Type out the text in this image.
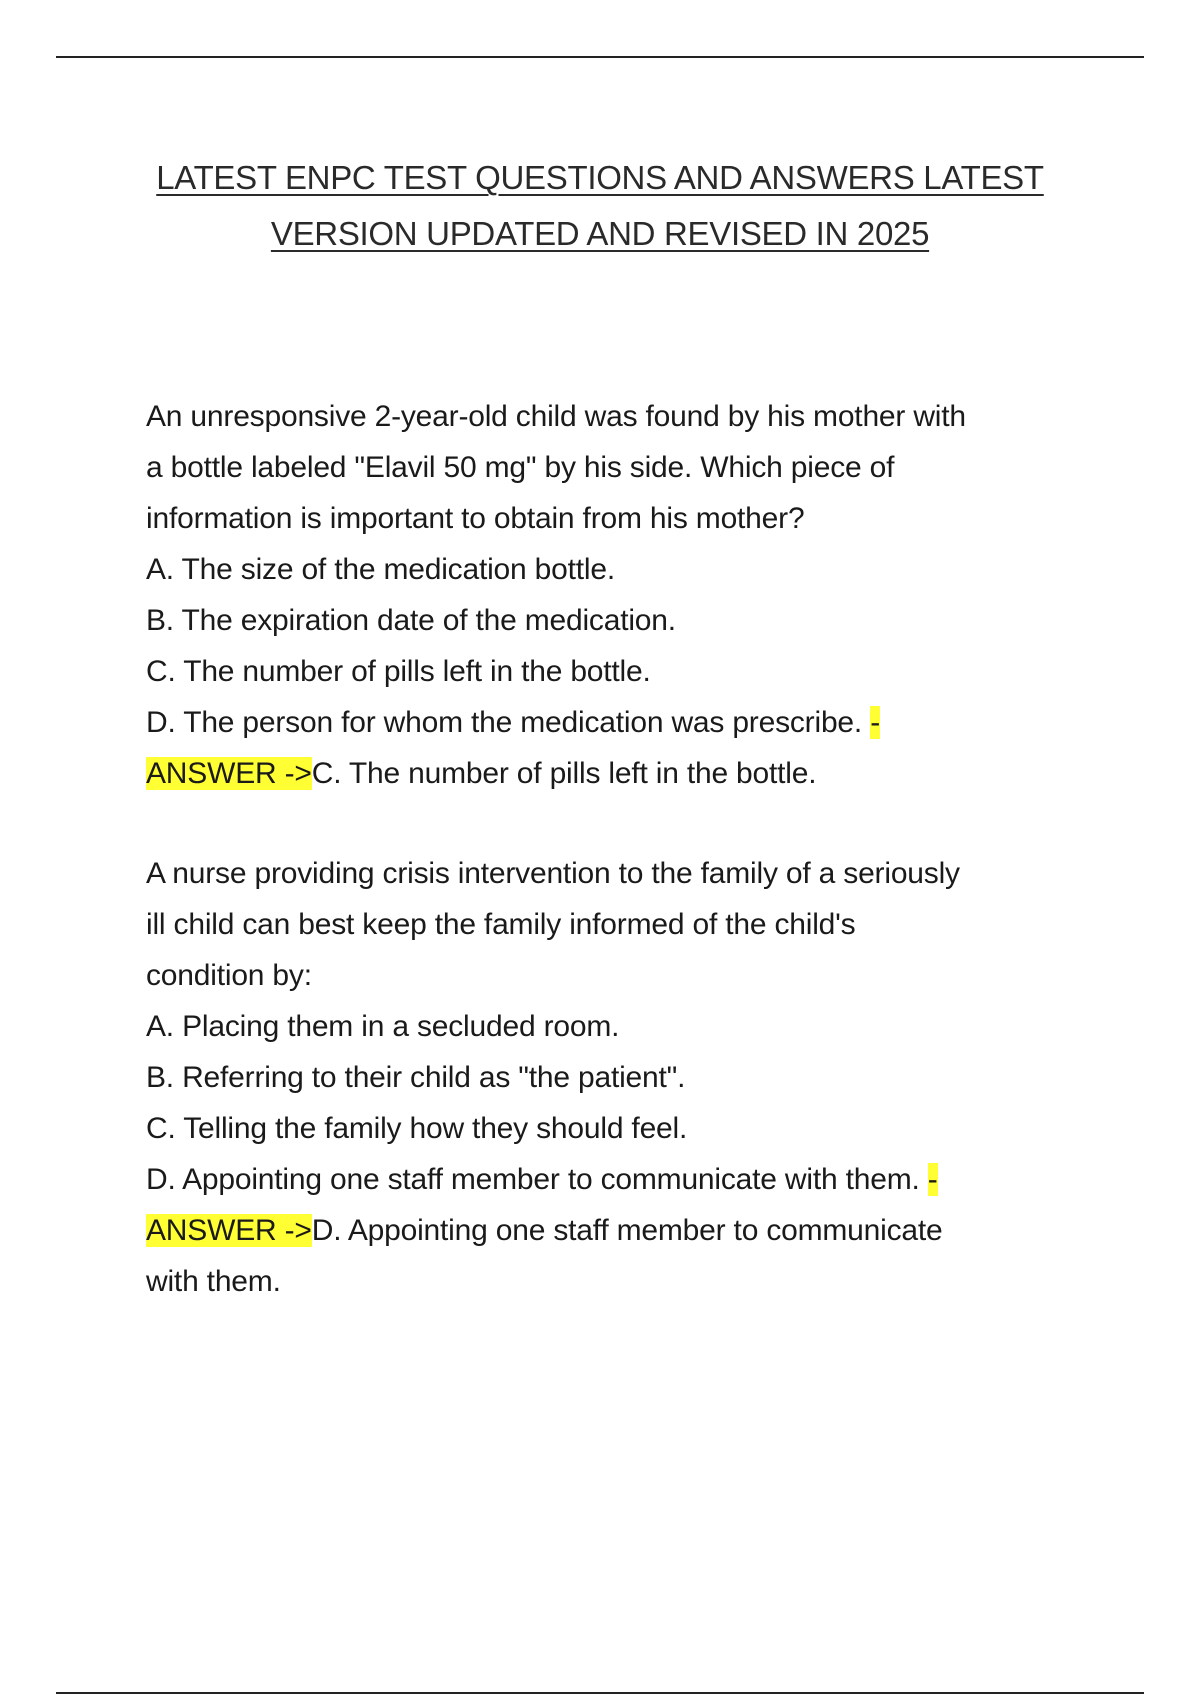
LATEST ENPC TEST QUESTIONS AND ANSWERS LATEST
VERSION UPDATED AND REVISED IN 2025
An unresponsive 2-year-old child was found by his mother with
a bottle labeled "Elavil 50 mg" by his side. Which piece of
information is important to obtain from his mother?
A. The size of the medication bottle.
B. The expiration date of the medication.
C. The number of pills left in the bottle.
D. The person for whom the medication was prescribe. -
ANSWER ->C. The number of pills left in the bottle.
A nurse providing crisis intervention to the family of a seriously
ill child can best keep the family informed of the child's
condition by:
A. Placing them in a secluded room.
B. Referring to their child as "the patient".
C. Telling the family how they should feel.
D. Appointing one staff member to communicate with them. -
ANSWER ->D. Appointing one staff member to communicate
with them.
